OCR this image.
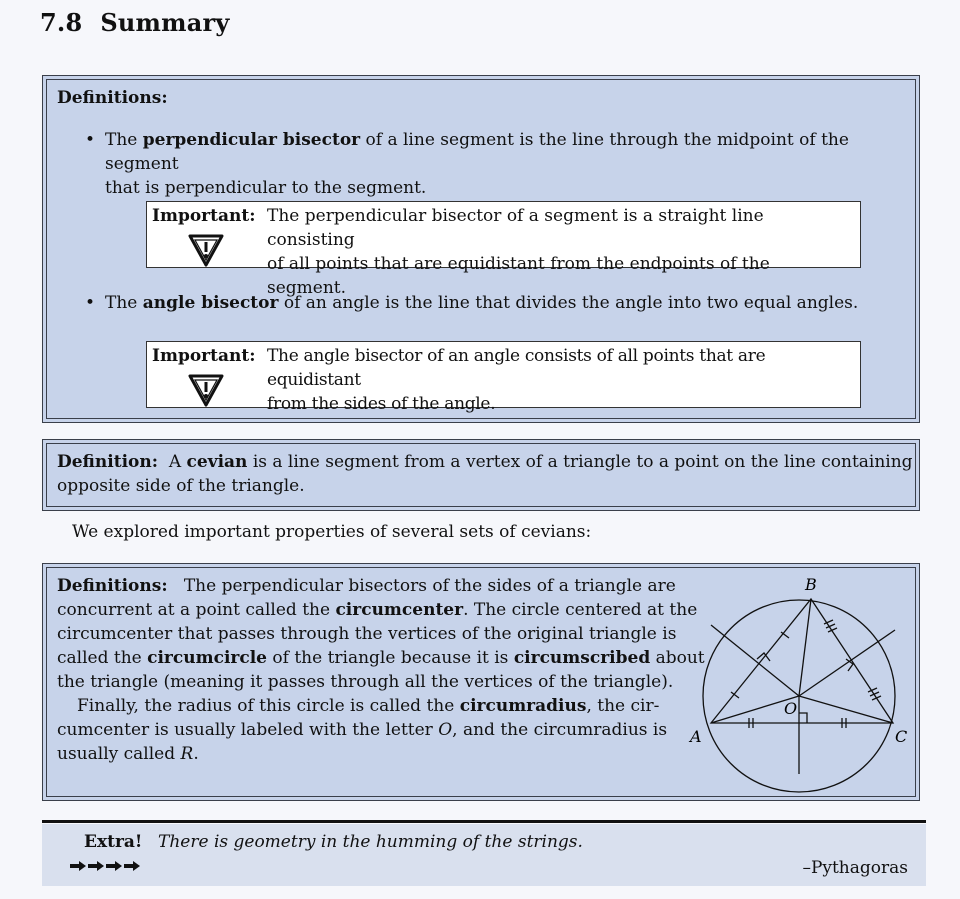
7.8 Summary
Definitions:
• The perpendicular bisector of a line segment is the line through the midpoint of the segment
that is perpendicular to the segment.
Important: The perpendicular bisector of a segment is a straight line consisting
of all points that are equidistant from the endpoints of the segment.
• The angle bisector of an angle is the line that divides the angle into two equal angles.
Important: The angle bisector of an angle consists of all points that are equidistant
from the sides of the angle.
Definition: A cevian is a line segment from a vertex of a triangle to a point on the line containing
opposite side of the triangle.
We explored important properties of several sets of cevians:
Definitions: The perpendicular bisectors of the sides of a triangle are
concurrent at a point called the circumcenter. The circle centered at the
circumcenter that passes through the vertices of the original triangle is
called the circumcircle of the triangle because it is circumscribed about
the triangle (meaning it passes through all the vertices of the triangle).
Finally, the radius of this circle is called the circumradius, the cir-
cumcenter is usually labeled with the letter O, and the circumradius is
usually called R.
B
A	C
O
Extra! There is geometry in the humming of the strings.
–Pythagoras
